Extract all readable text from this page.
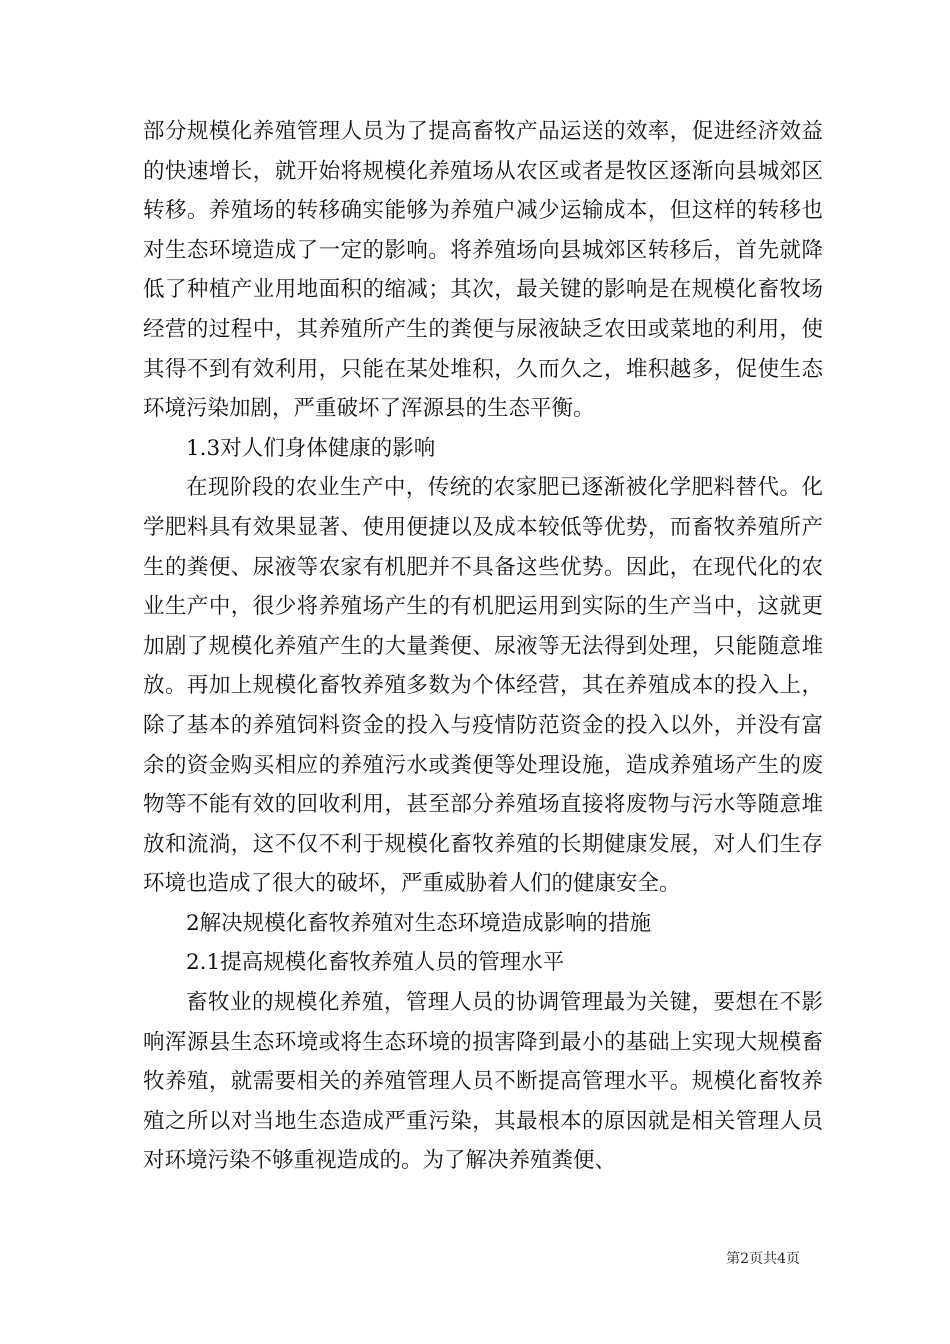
部分规模化养殖管理人员为了提高畜牧产品运送的效率，促进经济效益的快速增长，就开始将规模化养殖场从农区或者是牧区逐渐向县城郊区转移。养殖场的转移确实能够为养殖户减少运输成本，但这样的转移也对生态环境造成了一定的影响。将养殖场向县城郊区转移后，首先就降低了种植产业用地面积的缩减；其次，最关键的影响是在规模化畜牧场经营的过程中，其养殖所产生的粪便与尿液缺乏农田或菜地的利用，使其得不到有效利用，只能在某处堆积，久而久之，堆积越多，促使生态环境污染加剧，严重破坏了浑源县的生态平衡。

1.3对人们身体健康的影响

在现阶段的农业生产中，传统的农家肥已逐渐被化学肥料替代。化学肥料具有效果显著、使用便捷以及成本较低等优势，而畜牧养殖所产生的粪便、尿液等农家有机肥并不具备这些优势。因此，在现代化的农业生产中，很少将养殖场产生的有机肥运用到实际的生产当中，这就更加剧了规模化养殖产生的大量粪便、尿液等无法得到处理，只能随意堆放。再加上规模化畜牧养殖多数为个体经营，其在养殖成本的投入上，除了基本的养殖饲料资金的投入与疫情防范资金的投入以外，并没有富余的资金购买相应的养殖污水或粪便等处理设施，造成养殖场产生的废物等不能有效的回收利用，甚至部分养殖场直接将废物与污水等随意堆放和流淌，这不仅不利于规模化畜牧养殖的长期健康发展，对人们生存环境也造成了很大的破坏，严重威胁着人们的健康安全。

2解决规模化畜牧养殖对生态环境造成影响的措施

2.1提高规模化畜牧养殖人员的管理水平

畜牧业的规模化养殖，管理人员的协调管理最为关键，要想在不影响浑源县生态环境或将生态环境的损害降到最小的基础上实现大规模畜牧养殖，就需要相关的养殖管理人员不断提高管理水平。规模化畜牧养殖之所以对当地生态造成严重污染，其最根本的原因就是相关管理人员对环境污染不够重视造成的。为了解决养殖粪便、

第2页共4页
